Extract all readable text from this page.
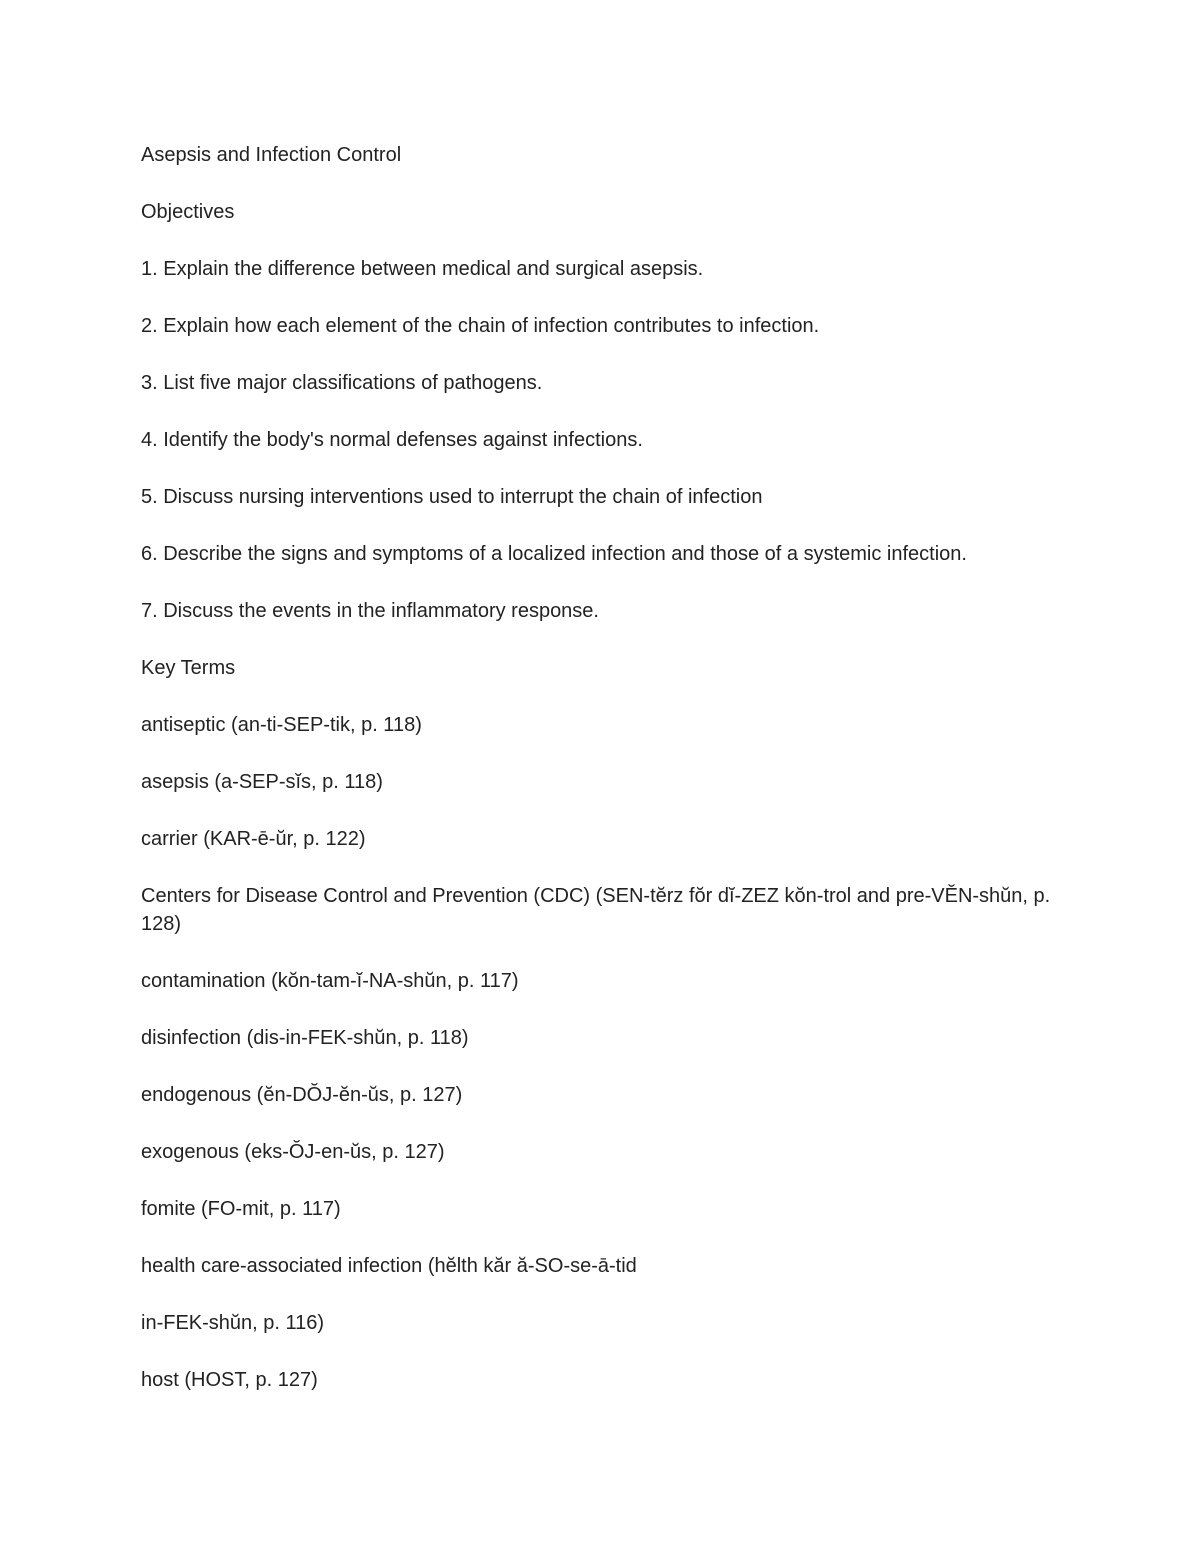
Asepsis and Infection Control

Objectives

1. Explain the difference between medical and surgical asepsis.

2. Explain how each element of the chain of infection contributes to infection.

3. List five major classifications of pathogens.

4. Identify the body's normal defenses against infections.

5. Discuss nursing interventions used to interrupt the chain of infection

6. Describe the signs and symptoms of a localized infection and those of a systemic infection.

7. Discuss the events in the inflammatory response.

Key Terms

antiseptic (an-ti-SEP-tik, p. 118)

asepsis (a-SEP-sĭs, p. 118)

carrier (KAR-ē-ŭr, p. 122)

Centers for Disease Control and Prevention (CDC) (SEN-tĕrz fŏr dĭ-ZEZ kŏn-trol and pre-VĔN-shŭn, p. 128)

contamination (kŏn-tam-ĭ-NA-shŭn, p. 117)

disinfection (dis-in-FEK-shŭn, p. 118)

endogenous (ĕn-DŎJ-ĕn-ŭs, p. 127)

exogenous (eks-ŎJ-en-ŭs, p. 127)

fomite (FO-mit, p. 117)

health care-associated infection (hĕlth kăr ă-SO-se-ā-tid

in-FEK-shŭn, p. 116)

host (HOST, p. 127)
